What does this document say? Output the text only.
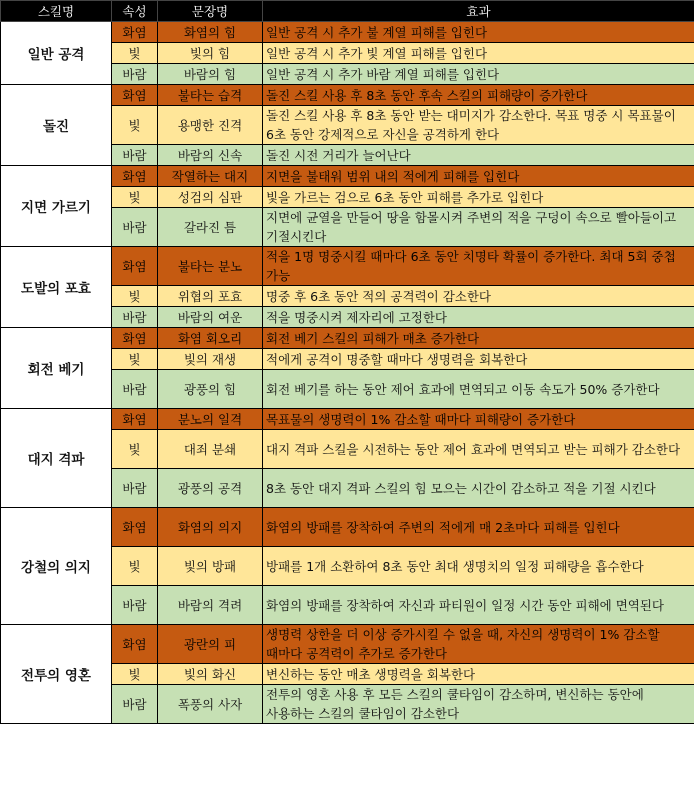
스킬명	속성	문장명	효과
일반 공격	화염	화염의 힘	일반 공격 시 추가 불 계열 피해를 입힌다
	빛	빛의 힘	일반 공격 시 추가 빛 계열 피해를 입힌다
	바람	바람의 힘	일반 공격 시 추가 바람 계열 피해를 입힌다
돌진	화염	불타는 습격	돌진 스킬 사용 후 8초 동안 후속 스킬의 피해량이 증가한다
	빛	용맹한 진격	돌진 스킬 사용 후 8초 동안 받는 대미지가 감소한다. 목표 명중 시 목표물이 6초 동안 강제적으로 자신을 공격하게 한다
	바람	바람의 신속	돌진 시전 거리가 늘어난다
지면 가르기	화염	작열하는 대지	지면을 불태워 범위 내의 적에게 피해를 입힌다
	빛	성검의 심판	빛을 가르는 검으로 6초 동안 피해를 추가로 입힌다
	바람	갈라진 틈	지면에 균열을 만들어 땅을 함몰시켜 주변의 적을 구덩이 속으로 빨아들이고 기절시킨다
도발의 포효	화염	불타는 분노	적을 1명 명중시킬 때마다 6초 동안 치명타 확률이 증가한다. 최대 5회 중첩 가능
	빛	위협의 포효	명중 후 6초 동안 적의 공격력이 감소한다
	바람	바람의 여운	적을 명중시켜 제자리에 고정한다
회전 베기	화염	화염 회오리	회전 베기 스킬의 피해가 매초 증가한다
	빛	빛의 재생	적에게 공격이 명중할 때마다 생명력을 회복한다
	바람	광풍의 힘	회전 베기를 하는 동안 제어 효과에 면역되고 이동 속도가 50% 증가한다
대지 격파	화염	분노의 일격	목표물의 생명력이 1% 감소할 때마다 피해량이 증가한다
	빛	대죄 분쇄	대지 격파 스킬을 시전하는 동안 제어 효과에 면역되고 받는 피해가 감소한다
	바람	광풍의 공격	8초 동안 대지 격파 스킬의 힘 모으는 시간이 감소하고 적을 기절 시킨다
강철의 의지	화염	화염의 의지	화염의 방패를 장착하여 주변의 적에게 매 2초마다 피해를 입힌다
	빛	빛의 방패	방패를 1개 소환하여 8초 동안 최대 생명치의 일정 피해량을 흡수한다
	바람	바람의 격려	화염의 방패를 장착하여 자신과 파티원이 일정 시간 동안 피해에 면역된다
전투의 영혼	화염	광란의 피	생명력 상한을 더 이상 증가시킬 수 없을 때, 자신의 생명력이 1% 감소할 때마다 공격력이 추가로 증가한다
	빛	빛의 화신	변신하는 동안 매초 생명력을 회복한다
	바람	폭풍의 사자	전투의 영혼 사용 후 모든 스킬의 쿨타임이 감소하며, 변신하는 동안에 사용하는 스킬의 쿨타임이 감소한다
